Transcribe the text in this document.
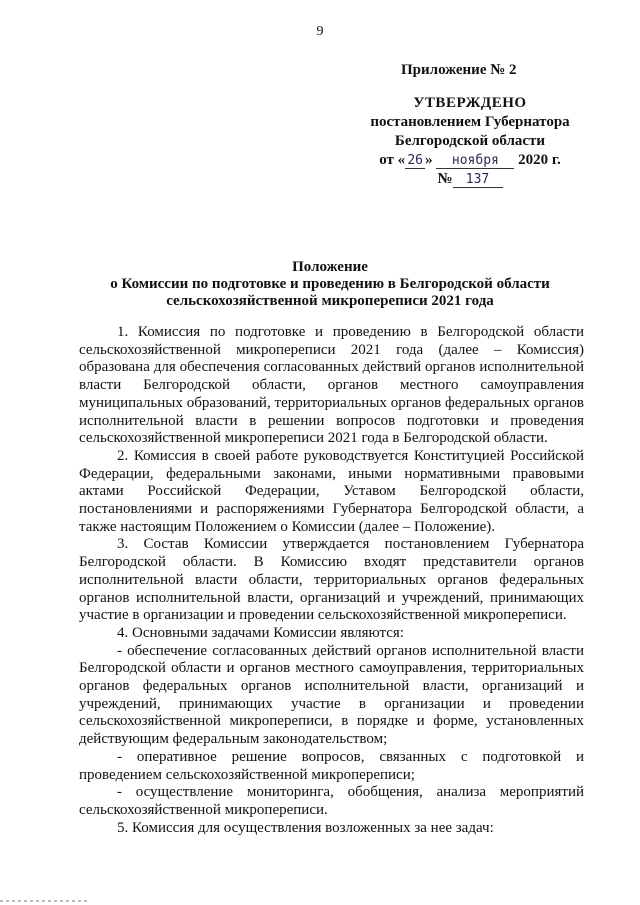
9
Приложение № 2
УТВЕРЖДЕНО
постановлением Губернатора
Белгородской области
от « 26 » ноября 2020 г.
№ 137
Положение
о Комиссии по подготовке и проведению в Белгородской области
сельскохозяйственной микропереписи 2021 года

1. Комиссия по подготовке и проведению в Белгородской области сельскохозяйственной микропереписи 2021 года (далее – Комиссия) образована для обеспечения согласованных действий органов исполнительной власти Белгородской области, органов местного самоуправления муниципальных образований, территориальных органов федеральных органов исполнительной власти в решении вопросов подготовки и проведения сельскохозяйственной микропереписи 2021 года в Белгородской области.

2. Комиссия в своей работе руководствуется Конституцией Российской Федерации, федеральными законами, иными нормативными правовыми актами Российской Федерации, Уставом Белгородской области, постановлениями и распоряжениями Губернатора Белгородской области, а также настоящим Положением о Комиссии (далее – Положение).

3. Состав Комиссии утверждается постановлением Губернатора Белгородской области. В Комиссию входят представители органов исполнительной власти области, территориальных органов федеральных органов исполнительной власти, организаций и учреждений, принимающих участие в организации и проведении сельскохозяйственной микропереписи.

4. Основными задачами Комиссии являются:

- обеспечение согласованных действий органов исполнительной власти Белгородской области и органов местного самоуправления, территориальных органов федеральных органов исполнительной власти, организаций и учреждений, принимающих участие в организации и проведении сельскохозяйственной микропереписи, в порядке и форме, установленных действующим федеральным законодательством;

- оперативное решение вопросов, связанных с подготовкой и проведением сельскохозяйственной микропереписи;

- осуществление мониторинга, обобщения, анализа мероприятий сельскохозяйственной микропереписи.

5. Комиссия для осуществления возложенных за нее задач:
